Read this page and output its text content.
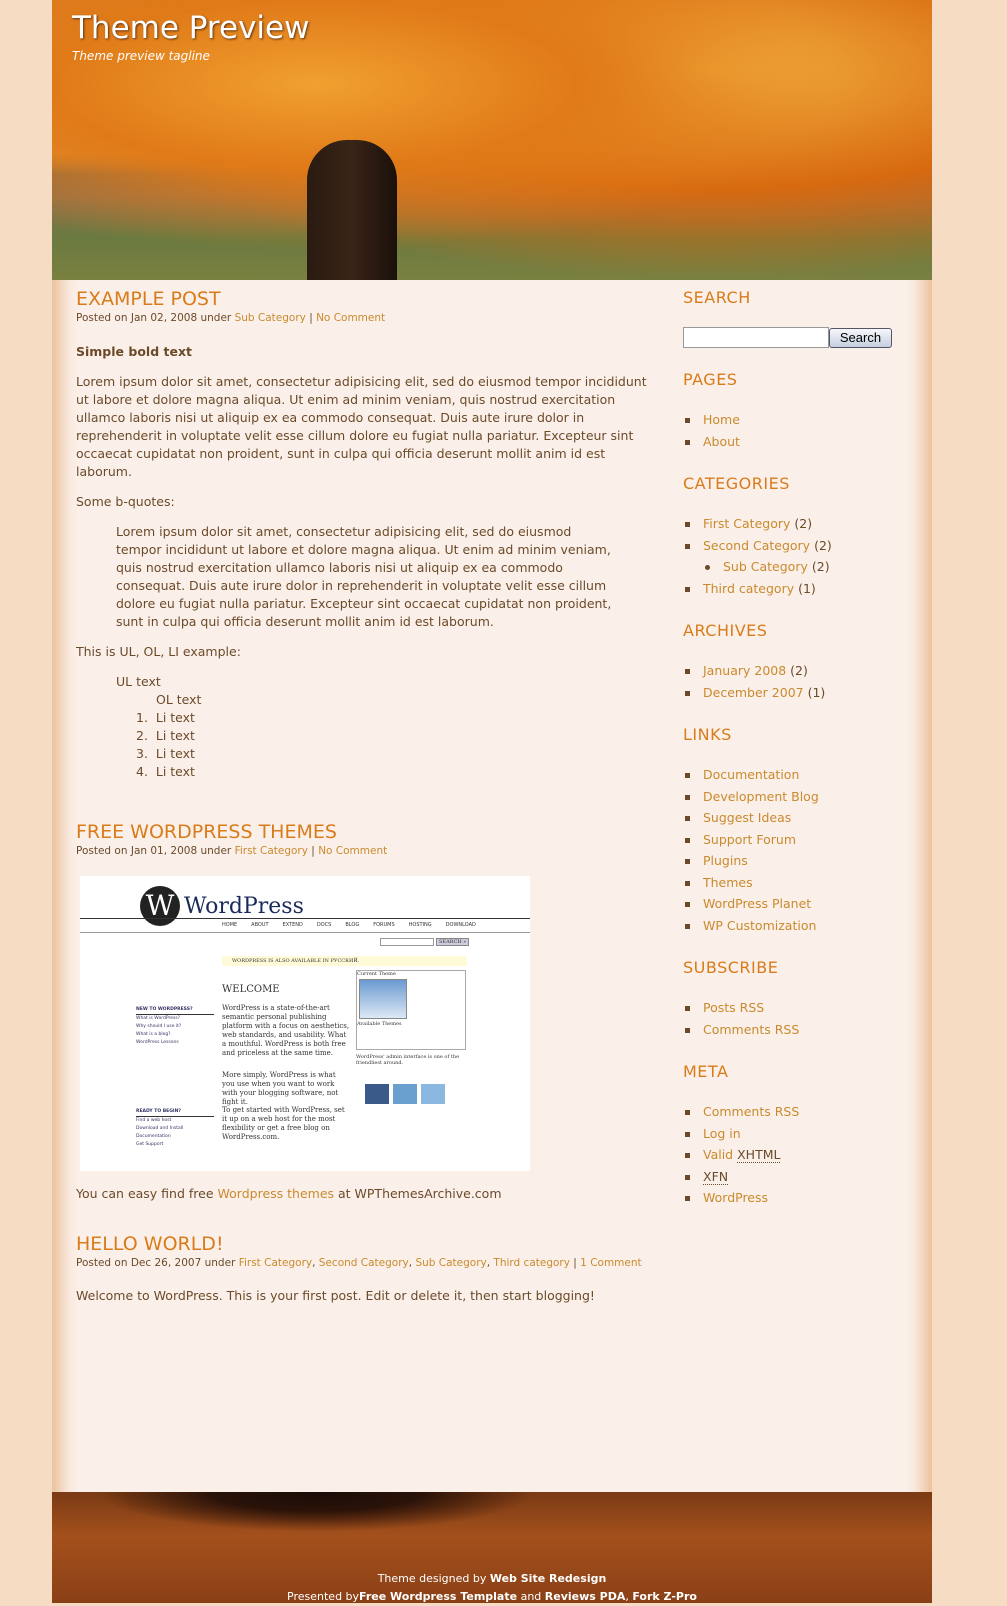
Theme Preview
Theme preview tagline
EXAMPLE POST
Posted on Jan 02, 2008 under Sub Category | No Comment

Simple bold text

Lorem ipsum dolor sit amet, consectetur adipisicing elit, sed do eiusmod tempor incididunt ut labore et dolore magna aliqua. Ut enim ad minim veniam, quis nostrud exercitation ullamco laboris nisi ut aliquip ex ea commodo consequat. Duis aute irure dolor in reprehenderit in voluptate velit esse cillum dolore eu fugiat nulla pariatur. Excepteur sint occaecat cupidatat non proident, sunt in culpa qui officia deserunt mollit anim id est laborum.

Some b-quotes:

Lorem ipsum dolor sit amet, consectetur adipisicing elit, sed do eiusmod tempor incididunt ut labore et dolore magna aliqua. Ut enim ad minim veniam, quis nostrud exercitation ullamco laboris nisi ut aliquip ex ea commodo consequat. Duis aute irure dolor in reprehenderit in voluptate velit esse cillum dolore eu fugiat nulla pariatur. Excepteur sint occaecat cupidatat non proident, sunt in culpa qui officia deserunt mollit anim id est laborum.

This is UL, OL, LI example:

UL text
OL text
1.  Li text
2.  Li text
3.  Li text
4.  Li text
FREE WORDPRESS THEMES
Posted on Jan 01, 2008 under First Category | No Comment
W WordPress
HOME	ABOUT	EXTEND	DOCS	BLOG	FORUMS	HOSTING	DOWNLOAD
SEARCH »
WORDPRESS IS ALSO AVAILABLE IN РУССКИЙ.
WELCOME
WordPress is a state-of-the-art semantic personal publishing platform with a focus on aesthetics, web standards, and usability. What a mouthful. WordPress is both free and priceless at the same time.
More simply, WordPress is what you use when you want to work with your blogging software, not fight it.
To get started with WordPress, set it up on a web host for the most flexibility or get a free blog on WordPress.com.
NEW TO WORDPRESS?
What is WordPress?
Why should I use it?
What is a blog?
WordPress Lessons
READY TO BEGIN?
Find a web host
Download and Install
Documentation
Get Support
Current Theme
Available Themes
WordPress' admin interface is one of the friendliest around.

You can easy find free Wordpress themes at WPThemesArchive.com

HELLO WORLD!
Posted on Dec 26, 2007 under First Category, Second Category, Sub Category, Third category | 1 Comment

Welcome to WordPress. This is your first post. Edit or delete it, then start blogging!

SEARCH
Search
PAGES
Home
About
CATEGORIES
First Category (2)
Second Category (2)
Sub Category (2)
Third category (1)
ARCHIVES
January 2008 (2)
December 2007 (1)
LINKS
Documentation
Development Blog
Suggest Ideas
Support Forum
Plugins
Themes
WordPress Planet
WP Customization
SUBSCRIBE
Posts RSS
Comments RSS
META
Comments RSS
Log in
Valid XHTML
XFN
WordPress
Theme designed by Web Site Redesign
Presented byFree Wordpress Template and Reviews PDA, Fork Z-Pro
